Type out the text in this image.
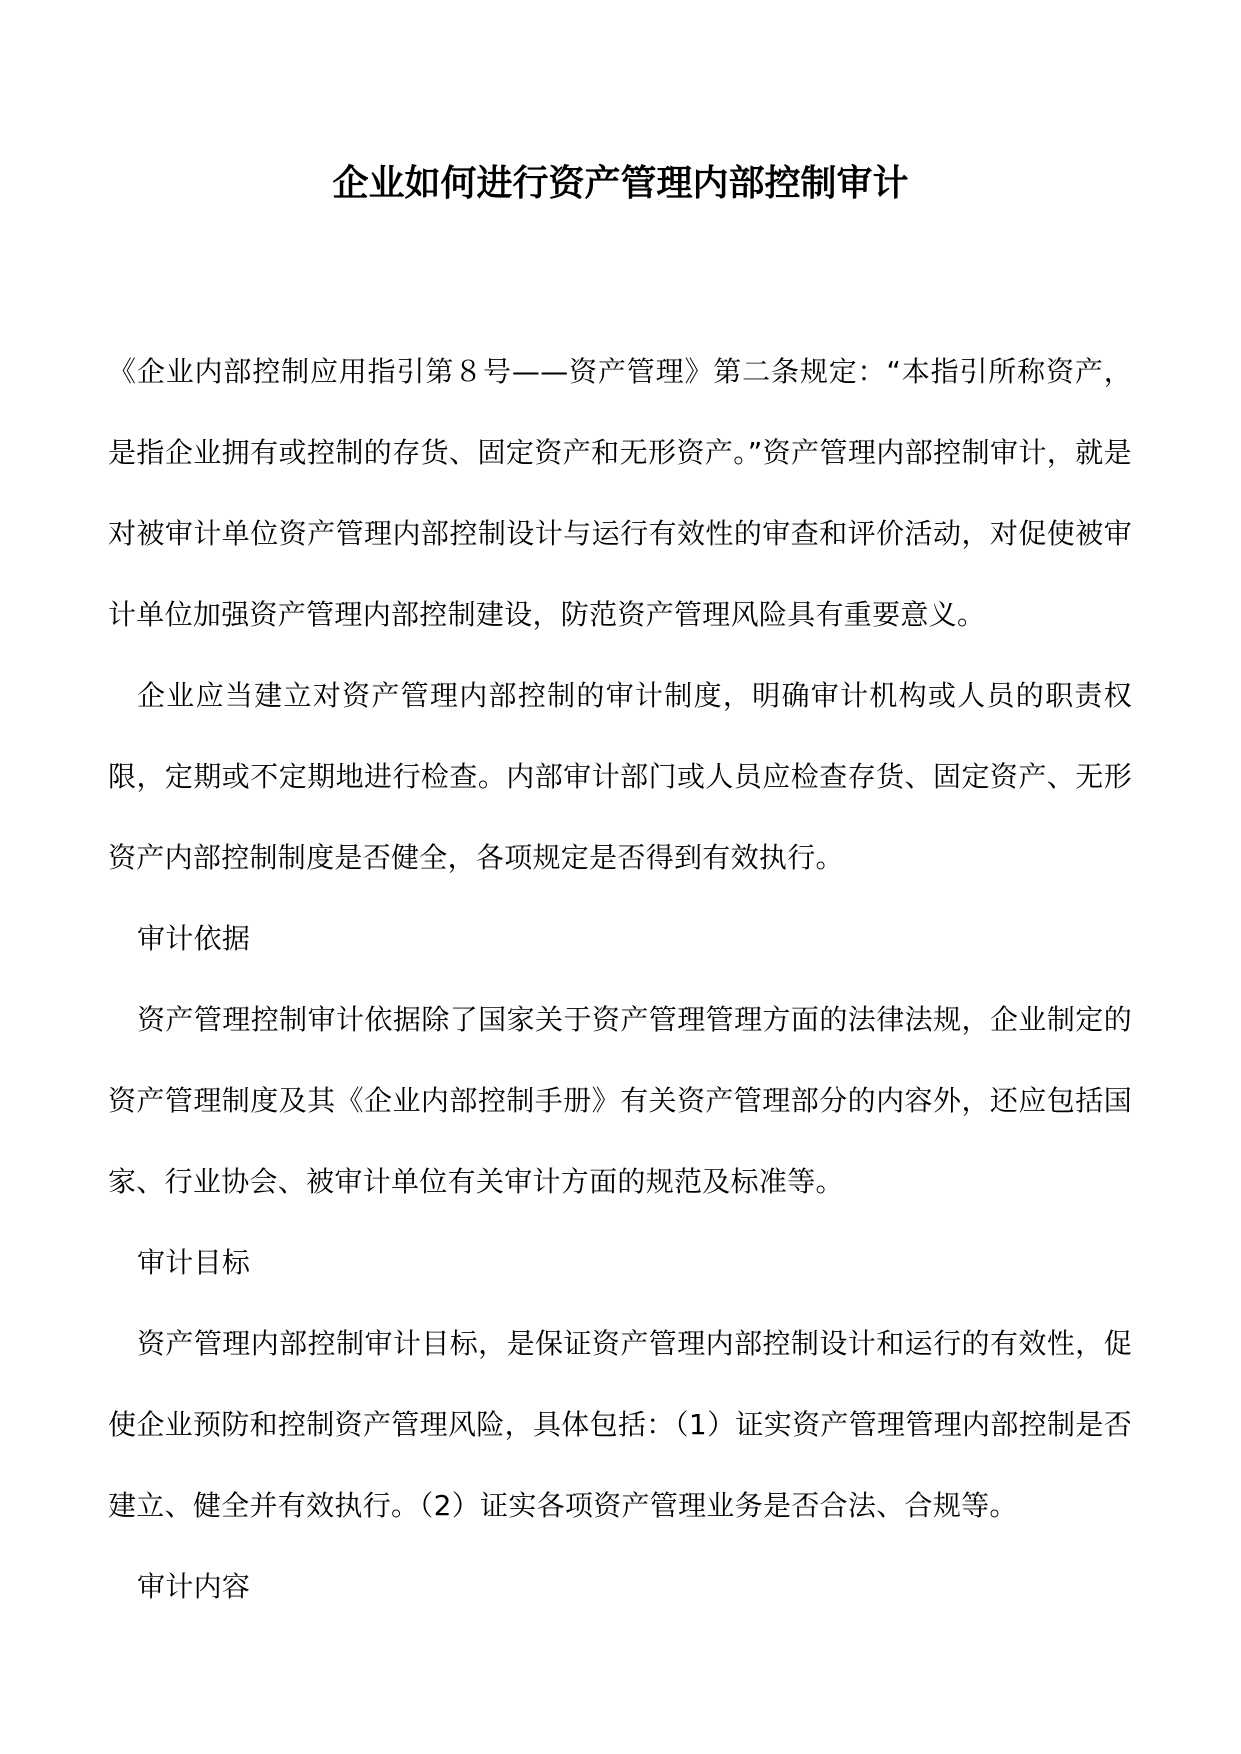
企业如何进行资产管理内部控制审计

《企业内部控制应用指引第８号——资产管理》第二条规定：“本指引所称资产，是指企业拥有或控制的存货、固定资产和无形资产。”资产管理内部控制审计，就是对被审计单位资产管理内部控制设计与运行有效性的审查和评价活动，对促使被审计单位加强资产管理内部控制建设，防范资产管理风险具有重要意义。

企业应当建立对资产管理内部控制的审计制度，明确审计机构或人员的职责权限，定期或不定期地进行检查。内部审计部门或人员应检查存货、固定资产、无形资产内部控制制度是否健全，各项规定是否得到有效执行。

审计依据

资产管理控制审计依据除了国家关于资产管理管理方面的法律法规，企业制定的资产管理制度及其《企业内部控制手册》有关资产管理部分的内容外，还应包括国家、行业协会、被审计单位有关审计方面的规范及标准等。

审计目标

资产管理内部控制审计目标，是保证资产管理内部控制设计和运行的有效性，促使企业预防和控制资产管理风险，具体包括：（1）证实资产管理管理内部控制是否建立、健全并有效执行。（2）证实各项资产管理业务是否合法、合规等。

审计内容
